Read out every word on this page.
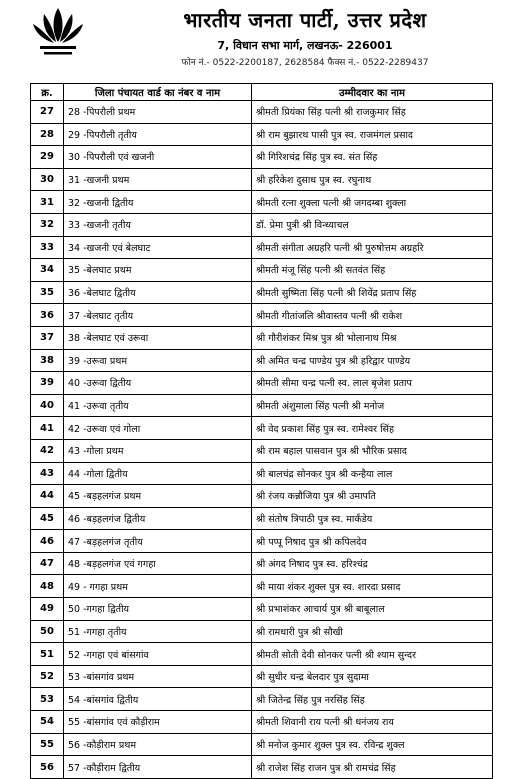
भारतीय जनता पार्टी, उत्तर प्रदेश
7, विधान सभा मार्ग, लखनऊ- 226001
फोन नं.- 0522-2200187, 2628584 फैक्स नं.- 0522-2289437
क्र.	जिला पंचायत वार्ड का नंबर व नाम	उम्मीदवार का नाम
27	28 -पिपरौली प्रथम	श्रीमती प्रियंका सिंह पत्नी श्री राजकुमार सिंह
28	29 -पिपरौली तृतीय	श्री राम बुझारथ पासी पुत्र स्व. राजमंगल प्रसाद
29	30 -पिपरौली एवं खजनी	श्री गिरिशचंद्र सिंह पुत्र स्व. संत सिंह
30	31 -खजनी प्रथम	श्री हरिकेश दुसाध पुत्र स्व. रघुनाथ
31	32 -खजनी द्वितीय	श्रीमती रत्ना शुक्ला पत्नी श्री जगदम्बा शुक्ला
32	33 -खजनी तृतीय	डॉ. प्रेमा पुत्री श्री विन्ध्याचल
33	34 -खजनी एवं बेलघाट	श्रीमती संगीता अग्रहरि पत्नी श्री पुरुषोत्तम अग्रहरि
34	35 -बेलघाट प्रथम	श्रीमती मंजू सिंह पत्नी श्री सतवंत सिंह
35	36 -बेलघाट द्वितीय	श्रीमती सुष्मिता सिंह पत्नी श्री शिवेंद्र प्रताप सिंह
36	37 -बेलघाट तृतीय	श्रीमती गीतांजलि श्रीवास्तव पत्नी श्री राकेश
37	38 -बेलघाट एवं उरूवा	श्री गौरीशंकर मिश्र पुत्र श्री भोलानाथ मिश्र
38	39 -उरूवा प्रथम	श्री अमित चन्द्र पाण्डेय पुत्र श्री हरिद्वार पाण्डेय
39	40 -उरूवा द्वितीय	श्रीमती सीमा चन्द्र पत्नी स्व. लाल बृजेश प्रताप
40	41 -उरूवा तृतीय	श्रीमती अंशुमाला सिंह पत्नी श्री मनोज
41	42 -उरूवा एवं गोला	श्री वेद प्रकाश सिंह पुत्र स्व. रामेश्वर सिंह
42	43 -गोला प्रथम	श्री राम बहाल पासवान पुत्र श्री भौरिक प्रसाद
43	44 -गोला द्वितीय	श्री बालचंद्र सोनकर पुत्र श्री कन्हैया लाल
44	45 -बड़हलगंज प्रथम	श्री रंजय कन्नौजिया पुत्र श्री उमापति
45	46 -बड़हलगंज द्वितीय	श्री संतोष त्रिपाठी पुत्र स्व. मार्कंडेय
46	47 -बड़हलगंज तृतीय	श्री पप्पू निषाद पुत्र श्री कपिलदेव
47	48 -बड़हलगंज एवं गगहा	श्री अंगद निषाद पुत्र स्व. हरिश्चंद्र
48	49 - गगहा प्रथम	श्री माया शंकर शुक्ल पुत्र स्व. शारदा प्रसाद
49	50 -गगहा द्वितीय	श्री प्रभाशंकर आचार्य पुत्र श्री बाबूलाल
50	51 -गगहा तृतीय	श्री रामधारी पुत्र श्री सौखी
51	52 -गगहा एवं बांसगांव	श्रीमती सोती देवी सोनकर पत्नी श्री श्याम सुन्दर
52	53 -बांसगांव प्रथम	श्री सुधीर चन्द्र बेलदार पुत्र सुदामा
53	54 -बांसगांव द्वितीय	श्री जितेन्द्र सिंह पुत्र नरसिंह सिंह
54	55 -बांसगांव एवं कौड़ीराम	श्रीमती शिवानी राय पत्नी श्री धनंजय राय
55	56 -कौड़ीराम प्रथम	श्री मनोज कुमार शुक्ल पुत्र स्व. रविन्द्र शुक्ल
56	57 -कौड़ीराम द्वितीय	श्री राजेश सिंह राजन पुत्र श्री रामचंद्र सिंह
